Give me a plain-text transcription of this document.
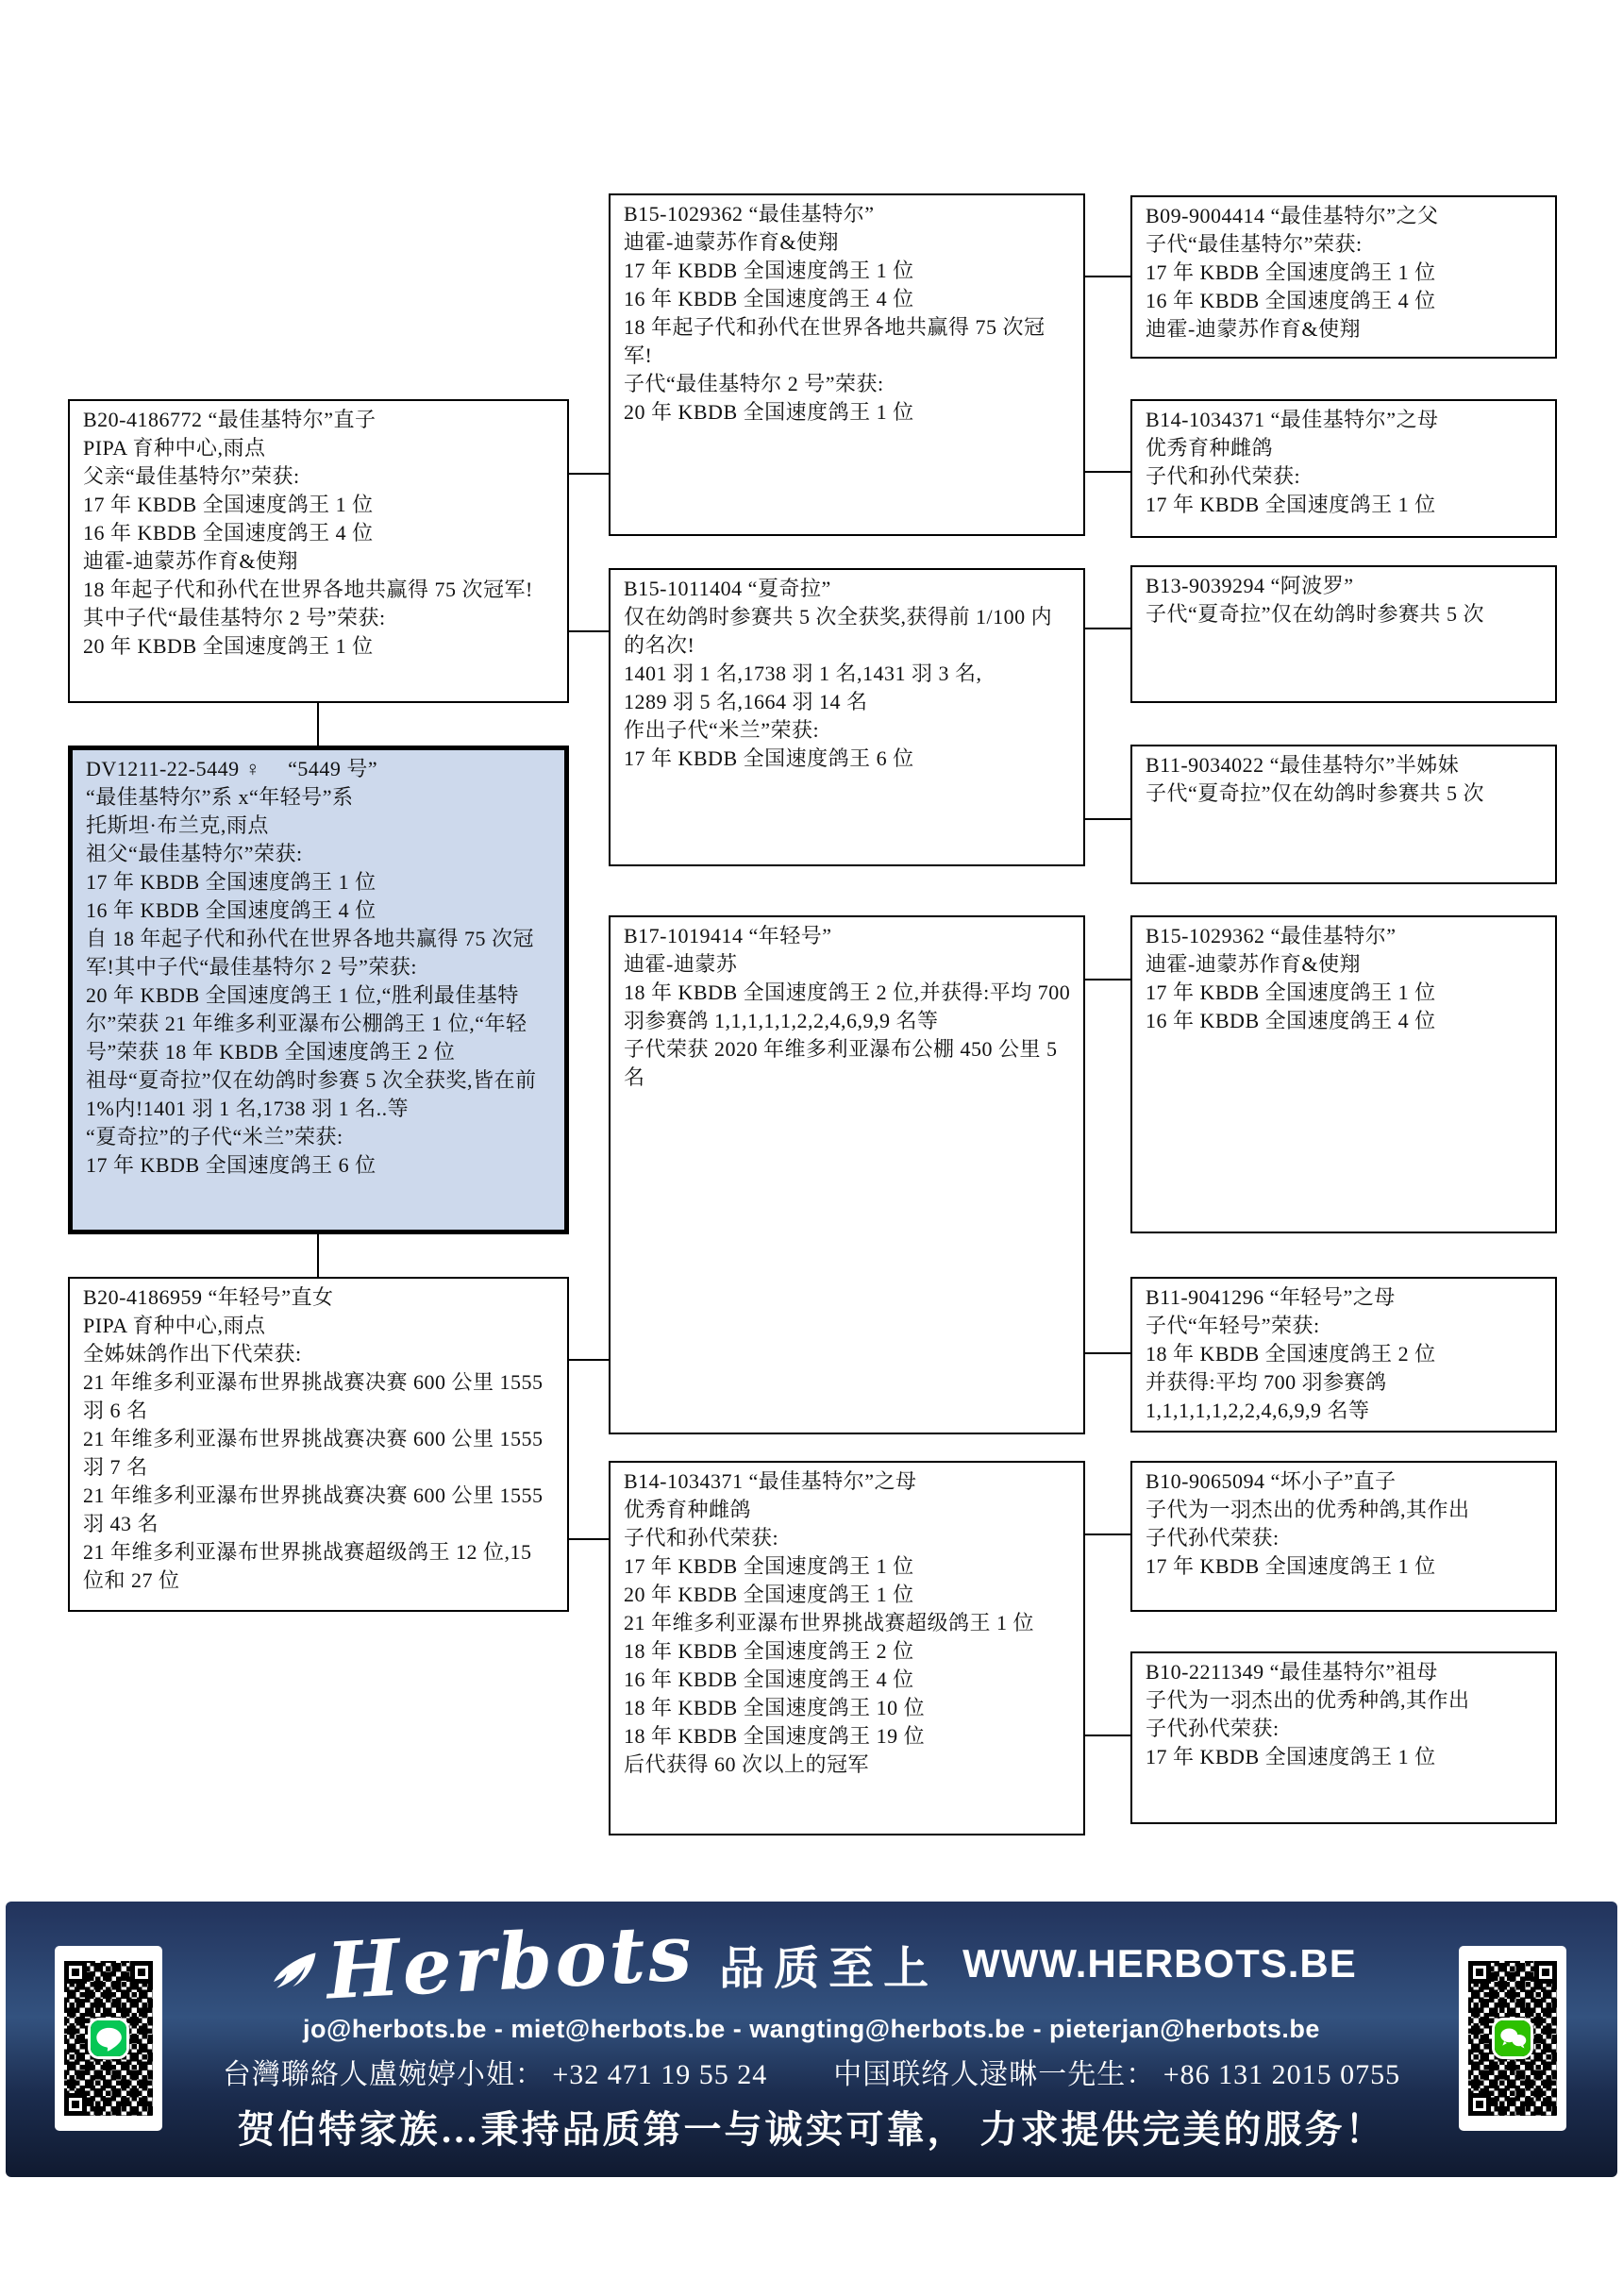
B20-4186772 “最佳基特尔”直子
PIPA 育种中心,雨点
父亲“最佳基特尔”荣获:
17 年 KBDB 全国速度鸽王 1 位
16 年 KBDB 全国速度鸽王 4 位
迪霍-迪蒙苏作育&使翔
18 年起子代和孙代在世界各地共赢得 75 次冠军!
其中子代“最佳基特尔 2 号”荣获:
20 年 KBDB 全国速度鸽王 1 位
DV1211-22-5449 ♀　 “5449 号”
“最佳基特尔”系 x“年轻号”系
托斯坦·布兰克,雨点
祖父“最佳基特尔”荣获:
17 年 KBDB 全国速度鸽王 1 位
16 年 KBDB 全国速度鸽王 4 位
自 18 年起子代和孙代在世界各地共赢得 75 次冠军!其中子代“最佳基特尔 2 号”荣获:
20 年 KBDB 全国速度鸽王 1 位,“胜利最佳基特尔”荣获 21 年维多利亚瀑布公棚鸽王 1 位,“年轻号”荣获 18 年 KBDB 全国速度鸽王 2 位
祖母“夏奇拉”仅在幼鸽时参赛 5 次全获奖,皆在前 1%内!1401 羽 1 名,1738 羽 1 名..等
“夏奇拉”的子代“米兰”荣获:
17 年 KBDB 全国速度鸽王 6 位
B20-4186959 “年轻号”直女
PIPA 育种中心,雨点
全姊妹鸽作出下代荣获:
21 年维多利亚瀑布世界挑战赛决赛 600 公里 1555 羽 6 名
21 年维多利亚瀑布世界挑战赛决赛 600 公里 1555 羽 7 名
21 年维多利亚瀑布世界挑战赛决赛 600 公里 1555 羽 43 名
21 年维多利亚瀑布世界挑战赛超级鸽王 12 位,15 位和 27 位
B15-1029362 “最佳基特尔”
迪霍-迪蒙苏作育&使翔
17 年 KBDB 全国速度鸽王 1 位
16 年 KBDB 全国速度鸽王 4 位
18 年起子代和孙代在世界各地共赢得 75 次冠军!
子代“最佳基特尔 2 号”荣获:
20 年 KBDB 全国速度鸽王 1 位
B15-1011404 “夏奇拉”
仅在幼鸽时参赛共 5 次全获奖,获得前 1/100 内的名次!
1401 羽 1 名,1738 羽 1 名,1431 羽 3 名,
1289 羽 5 名,1664 羽 14 名
作出子代“米兰”荣获:
17 年 KBDB 全国速度鸽王 6 位
B17-1019414 “年轻号”
迪霍-迪蒙苏
18 年 KBDB 全国速度鸽王 2 位,并获得:平均 700 羽参赛鸽 1,1,1,1,1,2,2,4,6,9,9 名等
子代荣获 2020 年维多利亚瀑布公棚 450 公里 5 名
B14-1034371 “最佳基特尔”之母
优秀育种雌鸽
子代和孙代荣获:
17 年 KBDB 全国速度鸽王 1 位
20 年 KBDB 全国速度鸽王 1 位
21 年维多利亚瀑布世界挑战赛超级鸽王 1 位
18 年 KBDB 全国速度鸽王 2 位
16 年 KBDB 全国速度鸽王 4 位
18 年 KBDB 全国速度鸽王 10 位
18 年 KBDB 全国速度鸽王 19 位
后代获得 60 次以上的冠军
B09-9004414 “最佳基特尔”之父
子代“最佳基特尔”荣获:
17 年 KBDB 全国速度鸽王 1 位
16 年 KBDB 全国速度鸽王 4 位
迪霍-迪蒙苏作育&使翔
B14-1034371 “最佳基特尔”之母
优秀育种雌鸽
子代和孙代荣获:
17 年 KBDB 全国速度鸽王 1 位
B13-9039294 “阿波罗”
子代“夏奇拉”仅在幼鸽时参赛共 5 次
B11-9034022 “最佳基特尔”半姊妹
子代“夏奇拉”仅在幼鸽时参赛共 5 次
B15-1029362 “最佳基特尔”
迪霍-迪蒙苏作育&使翔
17 年 KBDB 全国速度鸽王 1 位
16 年 KBDB 全国速度鸽王 4 位
B11-9041296 “年轻号”之母
子代“年轻号”荣获:
18 年 KBDB 全国速度鸽王 2 位
并获得:平均 700 羽参赛鸽 1,1,1,1,1,2,2,4,6,9,9 名等
B10-9065094 “坏小子”直子
子代为一羽杰出的优秀种鸽,其作出
子代孙代荣获:
17 年 KBDB 全国速度鸽王 1 位
B10-2211349 “最佳基特尔”祖母
子代为一羽杰出的优秀种鸽,其作出
子代孙代荣获:
17 年 KBDB 全国速度鸽王 1 位
Herbots 品质至上 WWW.HERBOTS.BE
jo@herbots.be - miet@herbots.be - wangting@herbots.be - pieterjan@herbots.be
台灣聯絡人盧婉婷小姐： +32 471 19 55 24 中国联络人逯晽一先生： +86 131 2015 0755
贺伯特家族…秉持品质第一与诚实可靠， 力求提供完美的服务！
